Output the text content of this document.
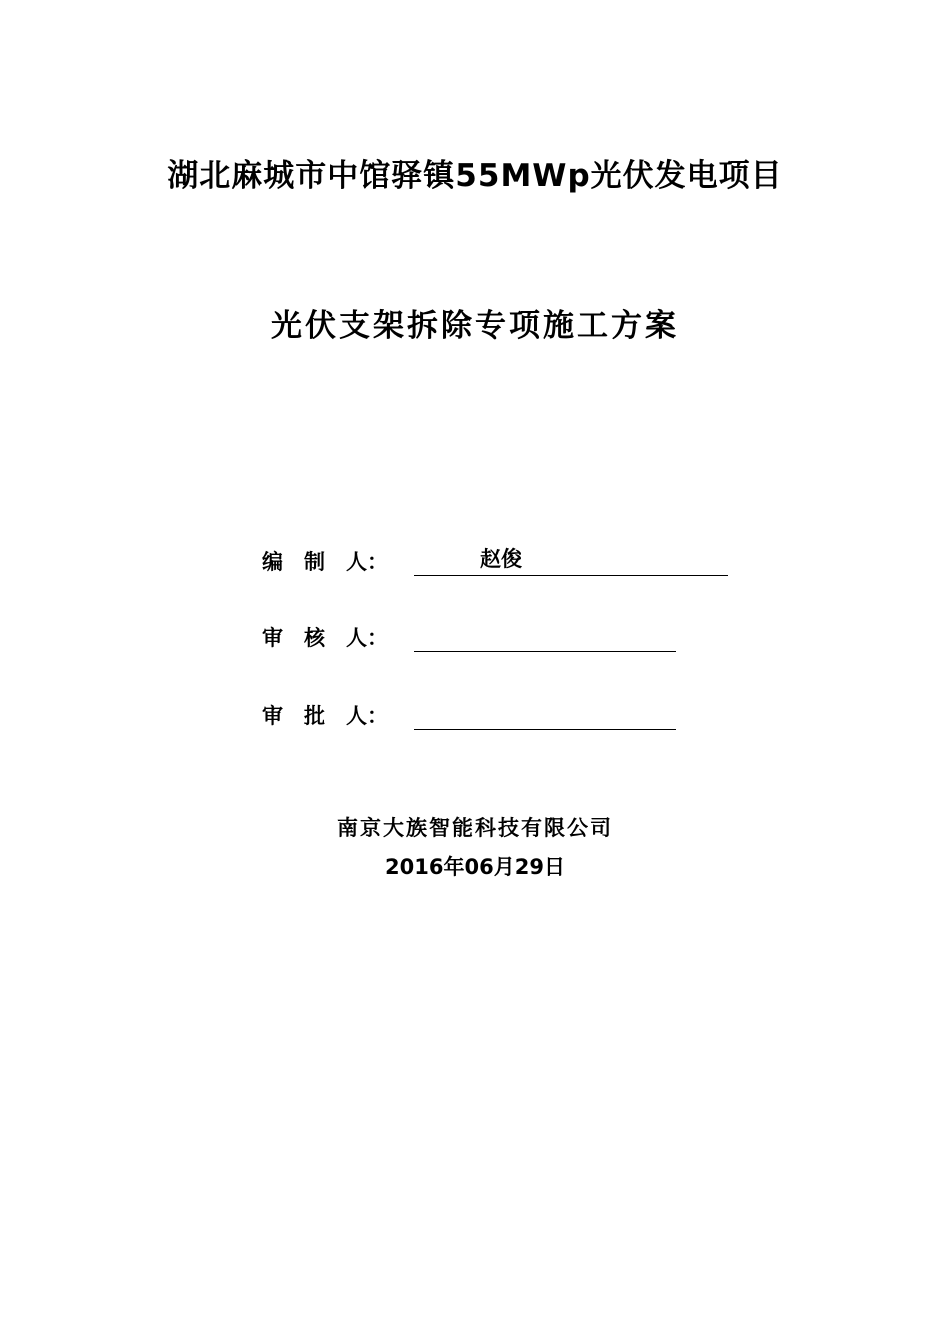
湖北麻城市中馆驿镇55MWp光伏发电项目
光伏支架拆除专项施工方案
编　制　人：	赵俊
审　核　人：
审　批　人：
南京大族智能科技有限公司
2016年06月29日
